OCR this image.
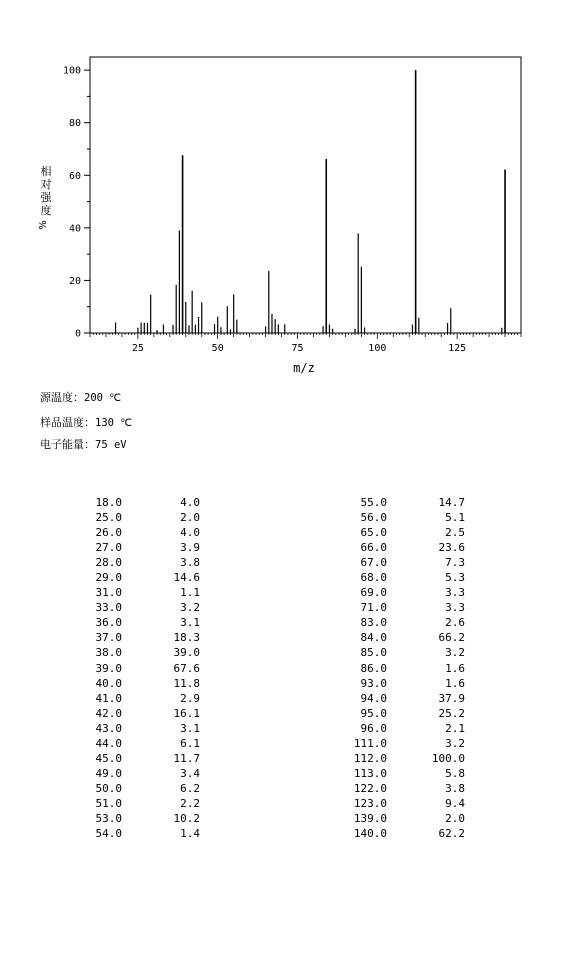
0
20
40
60
80
100
25	50	75	100	125
m/z
相
对
强
度
%
源温度：200 ℃
样品温度：130 ℃
电子能量：75 eV
18.0	4.0
25.0	2.0
26.0	4.0
27.0	3.9
28.0	3.8
29.0	14.6
31.0	1.1
33.0	3.2
36.0	3.1
37.0	18.3
38.0	39.0
39.0	67.6
40.0	11.8
41.0	2.9
42.0	16.1
43.0	3.1
44.0	6.1
45.0	11.7
49.0	3.4
50.0	6.2
51.0	2.2
53.0	10.2
54.0	1.4
55.0	14.7
56.0	5.1
65.0	2.5
66.0	23.6
67.0	7.3
68.0	5.3
69.0	3.3
71.0	3.3
83.0	2.6
84.0	66.2
85.0	3.2
86.0	1.6
93.0	1.6
94.0	37.9
95.0	25.2
96.0	2.1
111.0	3.2
112.0	100.0
113.0	5.8
122.0	3.8
123.0	9.4
139.0	2.0
140.0	62.2
